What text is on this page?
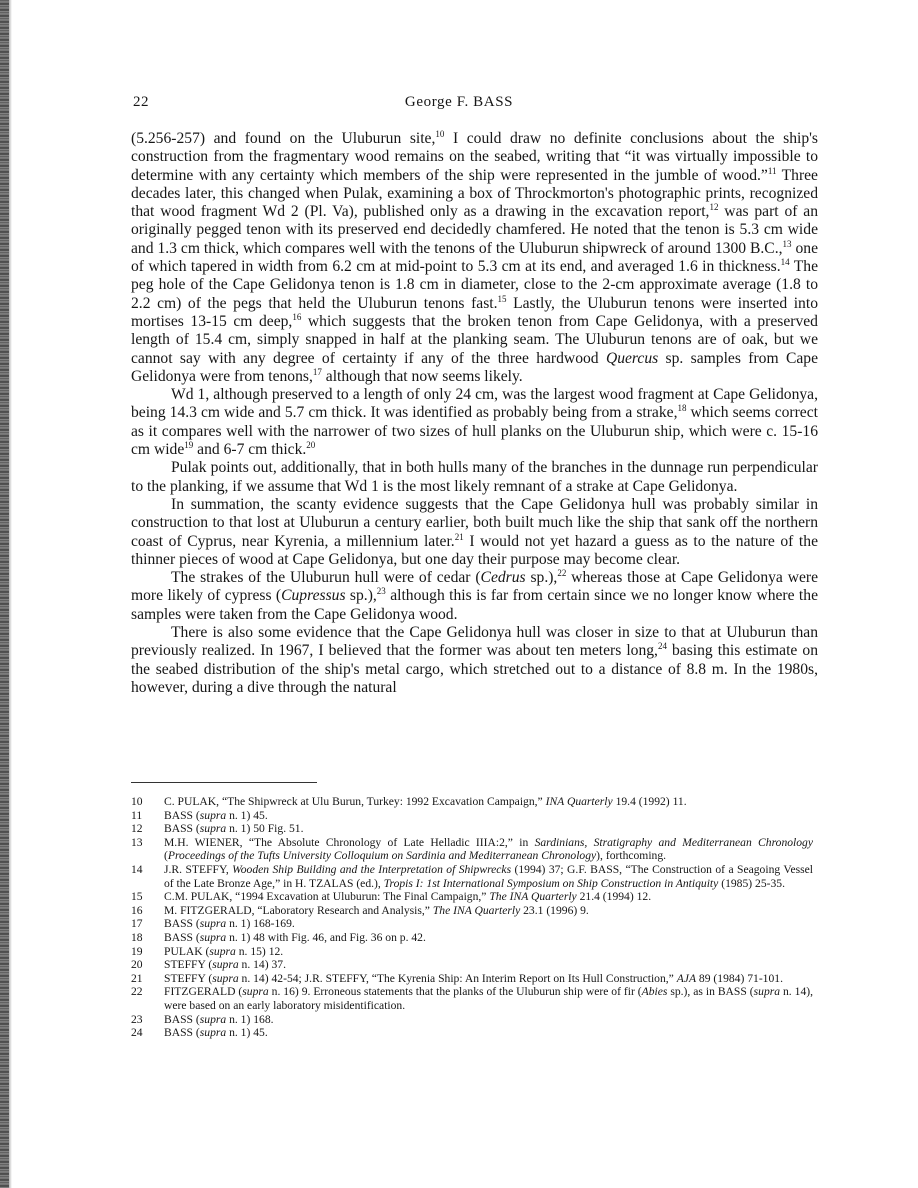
22	George F. BASS

(5.256-257) and found on the Uluburun site,$^{10}$ I could draw no definite conclusions about the ship's construction from the fragmentary wood remains on the seabed, writing that “it was virtually impossible to determine with any certainty which members of the ship were represented in the jumble of wood.”$^{11}$ Three decades later, this changed when Pulak, examining a box of Throckmorton's photographic prints, recognized that wood fragment Wd 2 (Pl. Va), published only as a drawing in the excavation report,$^{12}$ was part of an originally pegged tenon with its preserved end decidedly chamfered. He noted that the tenon is 5.3 cm wide and 1.3 cm thick, which compares well with the tenons of the Uluburun shipwreck of around 1300 B.C.,$^{13}$ one of which tapered in width from 6.2 cm at mid-point to 5.3 cm at its end, and averaged 1.6 in thickness.$^{14}$ The peg hole of the Cape Gelidonya tenon is 1.8 cm in diameter, close to the 2-cm approximate average (1.8 to 2.2 cm) of the pegs that held the Uluburun tenons fast.$^{15}$ Lastly, the Uluburun tenons were inserted into mortises 13-15 cm deep,$^{16}$ which suggests that the broken tenon from Cape Gelidonya, with a preserved length of 15.4 cm, simply snapped in half at the planking seam. The Uluburun tenons are of oak, but we cannot say with any degree of certainty if any of the three hardwood Quercus sp. samples from Cape Gelidonya were from tenons,$^{17}$ although that now seems likely.

Wd 1, although preserved to a length of only 24 cm, was the largest wood fragment at Cape Gelidonya, being 14.3 cm wide and 5.7 cm thick. It was identified as probably being from a strake,$^{18}$ which seems correct as it compares well with the narrower of two sizes of hull planks on the Uluburun ship, which were c. 15-16 cm wide$^{19}$ and 6-7 cm thick.$^{20}$

Pulak points out, additionally, that in both hulls many of the branches in the dunnage run perpendicular to the planking, if we assume that Wd 1 is the most likely remnant of a strake at Cape Gelidonya.

In summation, the scanty evidence suggests that the Cape Gelidonya hull was probably similar in construction to that lost at Uluburun a century earlier, both built much like the ship that sank off the northern coast of Cyprus, near Kyrenia, a millennium later.$^{21}$ I would not yet hazard a guess as to the nature of the thinner pieces of wood at Cape Gelidonya, but one day their purpose may become clear.

The strakes of the Uluburun hull were of cedar (Cedrus sp.),$^{22}$ whereas those at Cape Gelidonya were more likely of cypress (Cupressus sp.),$^{23}$ although this is far from certain since we no longer know where the samples were taken from the Cape Gelidonya wood.

There is also some evidence that the Cape Gelidonya hull was closer in size to that at Uluburun than previously realized. In 1967, I believed that the former was about ten meters long,$^{24}$ basing this estimate on the seabed distribution of the ship's metal cargo, which stretched out to a distance of 8.8 m. In the 1980s, however, during a dive through the natural

10	C. PULAK, “The Shipwreck at Ulu Burun, Turkey: 1992 Excavation Campaign,” INA Quarterly 19.4 (1992) 11.
11	BASS (supra n. 1) 45.
12	BASS (supra n. 1) 50 Fig. 51.
13	M.H. WIENER, “The Absolute Chronology of Late Helladic IIIA:2,” in Sardinians, Stratigraphy and Mediterranean Chronology (Proceedings of the Tufts University Colloquium on Sardinia and Mediterranean Chronology), forthcoming.
14	J.R. STEFFY, Wooden Ship Building and the Interpretation of Shipwrecks (1994) 37; G.F. BASS, “The Construction of a Seagoing Vessel of the Late Bronze Age,” in H. TZALAS (ed.), Tropis I: 1st International Symposium on Ship Construction in Antiquity (1985) 25-35.
15	C.M. PULAK, “1994 Excavation at Uluburun: The Final Campaign,” The INA Quarterly 21.4 (1994) 12.
16	M. FITZGERALD, “Laboratory Research and Analysis,” The INA Quarterly 23.1 (1996) 9.
17	BASS (supra n. 1) 168-169.
18	BASS (supra n. 1) 48 with Fig. 46, and Fig. 36 on p. 42.
19	PULAK (supra n. 15) 12.
20	STEFFY (supra n. 14) 37.
21	STEFFY (supra n. 14) 42-54; J.R. STEFFY, “The Kyrenia Ship: An Interim Report on Its Hull Construction,” AJA 89 (1984) 71-101.
22	FITZGERALD (supra n. 16) 9. Erroneous statements that the planks of the Uluburun ship were of fir (Abies sp.), as in BASS (supra n. 14), were based on an early laboratory misidentification.
23	BASS (supra n. 1) 168.
24	BASS (supra n. 1) 45.
